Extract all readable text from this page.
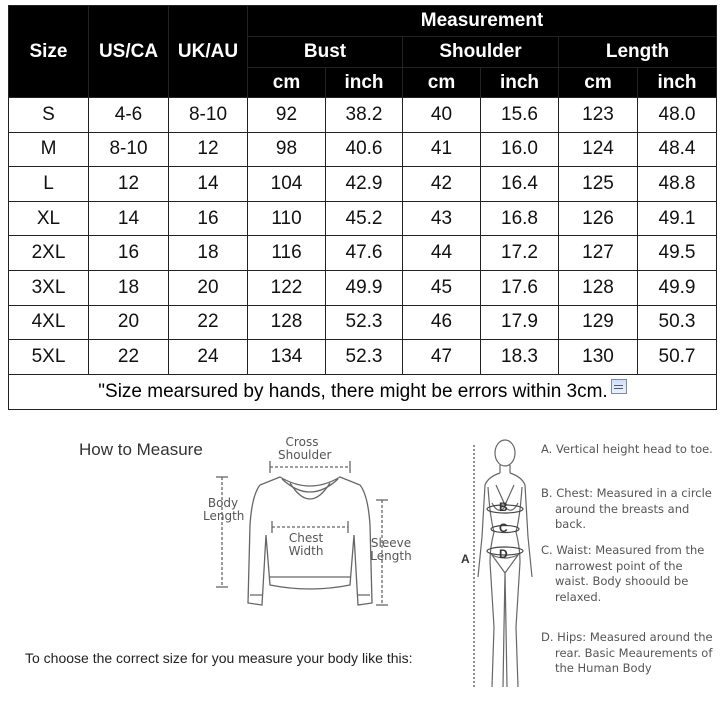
Size	US/CA	UK/AU	Measurement					
			Bust		Shoulder		Length	
			cm	inch	cm	inch	cm	inch
S	4-6	8-10	92	38.2	40	15.6	123	48.0
M	8-10	12	98	40.6	41	16.0	124	48.4
L	12	14	104	42.9	42	16.4	125	48.8
XL	14	16	110	45.2	43	16.8	126	49.1
2XL	16	18	116	47.6	44	17.2	127	49.5
3XL	18	20	122	49.9	45	17.6	128	49.9
4XL	20	22	128	52.3	46	17.9	129	50.3
5XL	22	24	134	52.3	47	18.3	130	50.7
"Size mearsured by hands, there might be errors within 3cm.								
How to Measure	Cross Shoulder
Body Length
Chest Width
Sleeve Length
To choose the correct size for you measure your body like this:
A
B
C
D
A. Vertical height head to toe.
B. Chest: Measured in a circle around the breasts and back.
C. Waist: Measured from the narrowest point of the waist. Body shoould be relaxed.
D. Hips: Measured around the rear. Basic Meaurements of the Human Body
